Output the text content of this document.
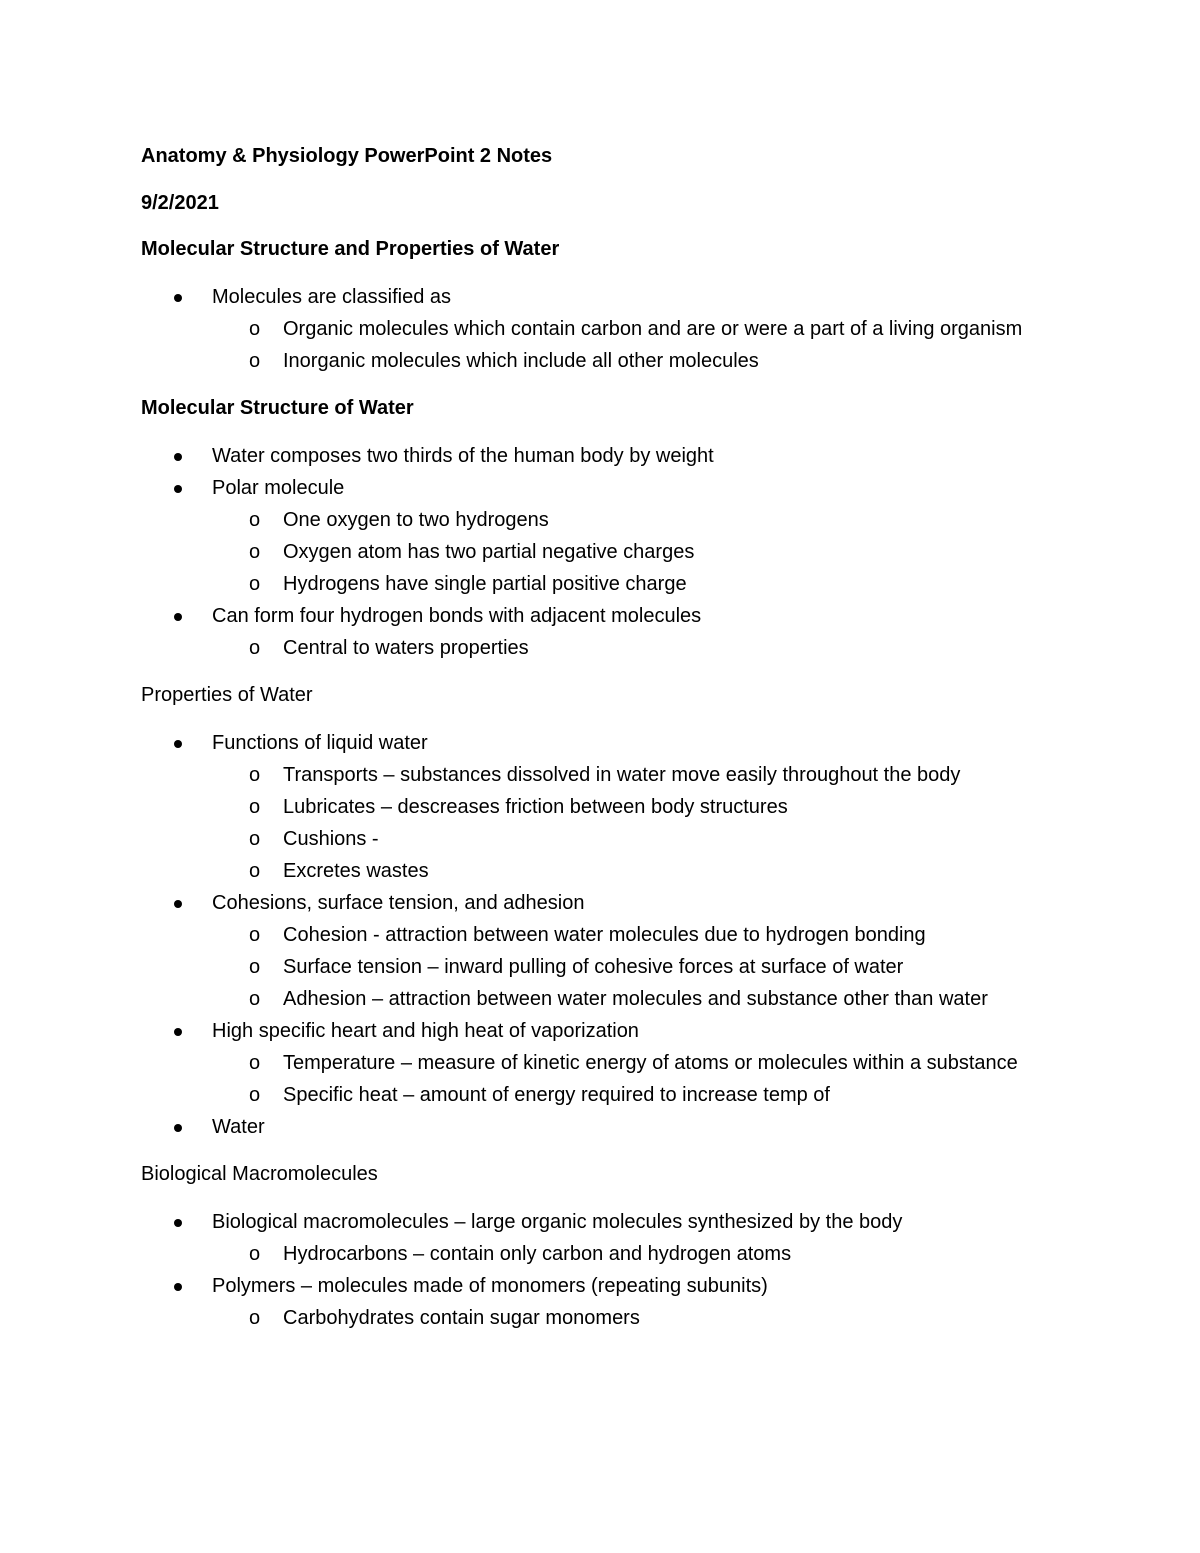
Anatomy & Physiology PowerPoint 2 Notes

9/2/2021

Molecular Structure and Properties of Water

Molecules are classified as
o Organic molecules which contain carbon and are or were a part of a living organism
o Inorganic molecules which include all other molecules

Molecular Structure of Water

Water composes two thirds of the human body by weight
Polar molecule
o One oxygen to two hydrogens
o Oxygen atom has two partial negative charges
o Hydrogens have single partial positive charge
Can form four hydrogen bonds with adjacent molecules
o Central to waters properties

Properties of Water

Functions of liquid water
o Transports – substances dissolved in water move easily throughout the body
o Lubricates – descreases friction between body structures
o Cushions -
o Excretes wastes
Cohesions, surface tension, and adhesion
o Cohesion - attraction between water molecules due to hydrogen bonding
o Surface tension – inward pulling of cohesive forces at surface of water
o Adhesion – attraction between water molecules and substance other than water
High specific heart and high heat of vaporization
o Temperature – measure of kinetic energy of atoms or molecules within a substance
o Specific heat – amount of energy required to increase temp of
Water

Biological Macromolecules

Biological macromolecules – large organic molecules synthesized by the body
o Hydrocarbons – contain only carbon and hydrogen atoms
Polymers – molecules made of monomers (repeating subunits)
o Carbohydrates contain sugar monomers
